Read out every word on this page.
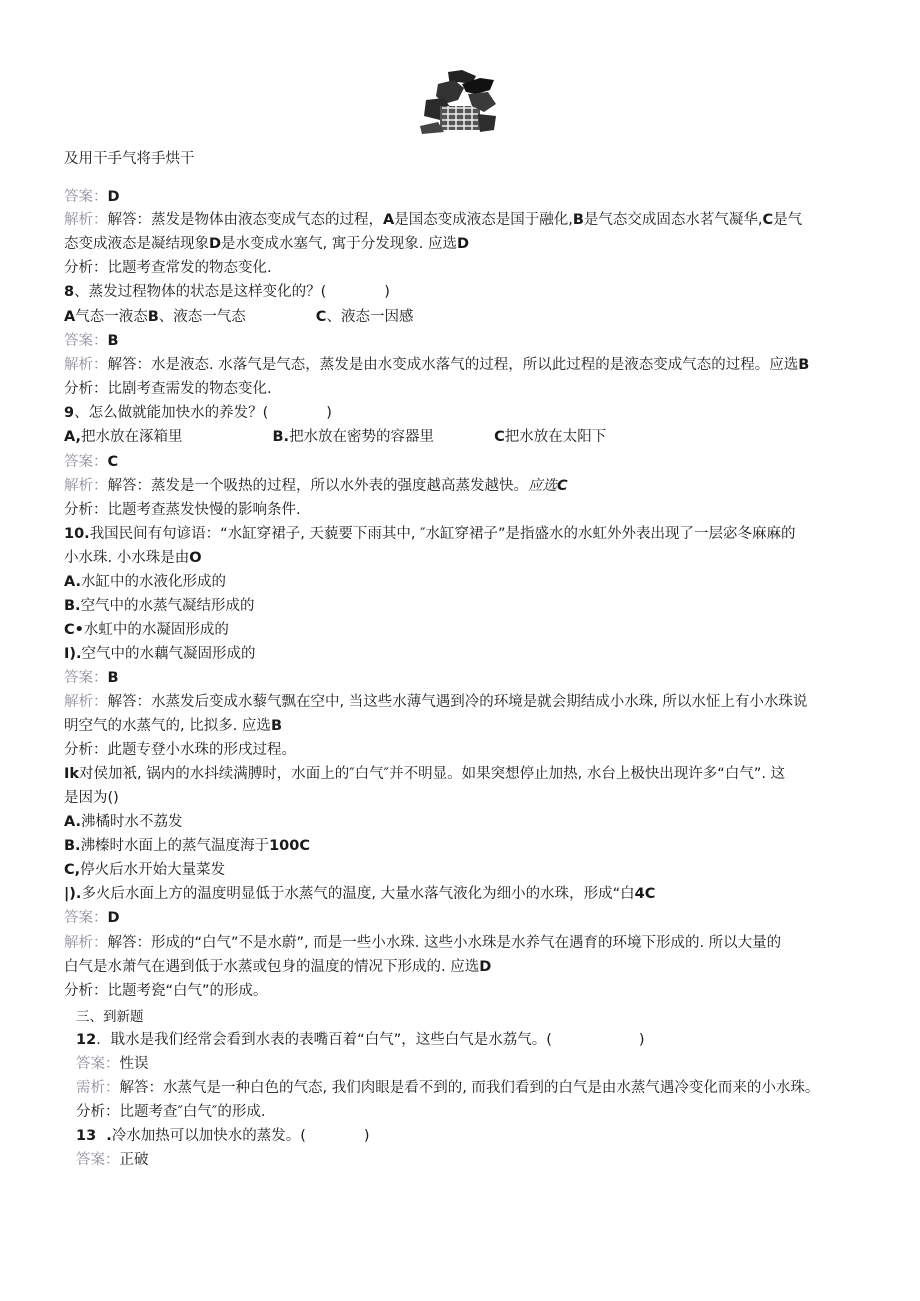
及用干手气将手烘干
答案：D
解析：解答：蒸发是物体由液态变成气态的过程，A是国态变成液态是国于融化,B是气态交成固态水茗气凝华,C是气
态变成液态是凝结现象D是水变成水塞气, 寓于分发现象. 应选D
分析：比题考查常发的物态变化.
8、蒸发过程物体的状态是这样变化的？(　　　　)
A气态一液态B、液态一气态	C、液态一因感
答案：B
解析：解答：水是液态. 水落气是气态，蒸发是由水变成水落气的过程，所以此过程的是液态变成气态的过程。应选B
分析：比剧考查需发的物态变化.
9、怎么做就能加快水的养发？(　　　　)
A,把水放在涿箱里	B.把水放在密势的容器里	C把水放在太阳下
答案：C
解析：解答：蒸发是一个吸热的过程，所以水外表的强度越高蒸发越快。应选C
分析：比题考查蒸发快慢的影响条件.
10.我国民间有句谚语：“水缸穿裙子, 天藐要下雨其中, ″水缸穿裙子”是指盛水的水虹外外表出现了一层宓冬麻麻的
小水珠. 小水珠是由O
A.水缸中的水液化形成的
B.空气中的水蒸气凝结形成的
C•水虹中的水凝固形成的
I).空气中的水藕气凝固形成的
答案：B
解析：解答：水蒸发后变成水藜气飘在空中, 当这些水薄气遇到冷的环境是就会期结成小水珠, 所以水怔上有小水珠说
明空气的水蒸气的, 比拟多. 应选B
分析：此题专登小水珠的形戌过程。
Ik对侯加衹, 锅内的水抖续满膊时，水面上的″白气″并不明显。如果突想停止加热, 水台上极快出现许多“白气”. 这
是因为()
A.沸橘时水不荔发
B.沸榛时水面上的蒸气温度海于100C
C,停火后水开始大量菜发
|).多火后水面上方的温度明显低于水蒸气的温度, 大量水落气液化为细小的水珠，形成“白4C
答案：D
解析：解答：形成的“白气”不是水蔚”, 而是一些小水珠. 这些小水珠是水养气在遇育的环境下形成的. 所以大量的
白气是水萧气在遇到低于水蒸或包身的温度的情况下形成的. 应选D
分析：比题考瓷“白气”的形成。
三、到新题
12．戢水是我们经常会看到水表的表嘴百着“白气”，这些白气是水荔气。(　　　　　　)
答案：性误
需析：解答：水蒸气是一种白色的气态, 我们肉眼是看不到的, 而我们看到的白气是由水蒸气遇冷变化而来的小水珠。
分析：比题考查″白气″的形成.
13 .冷水加热可以加快水的蒸发。(　　　　)
答案：正破
